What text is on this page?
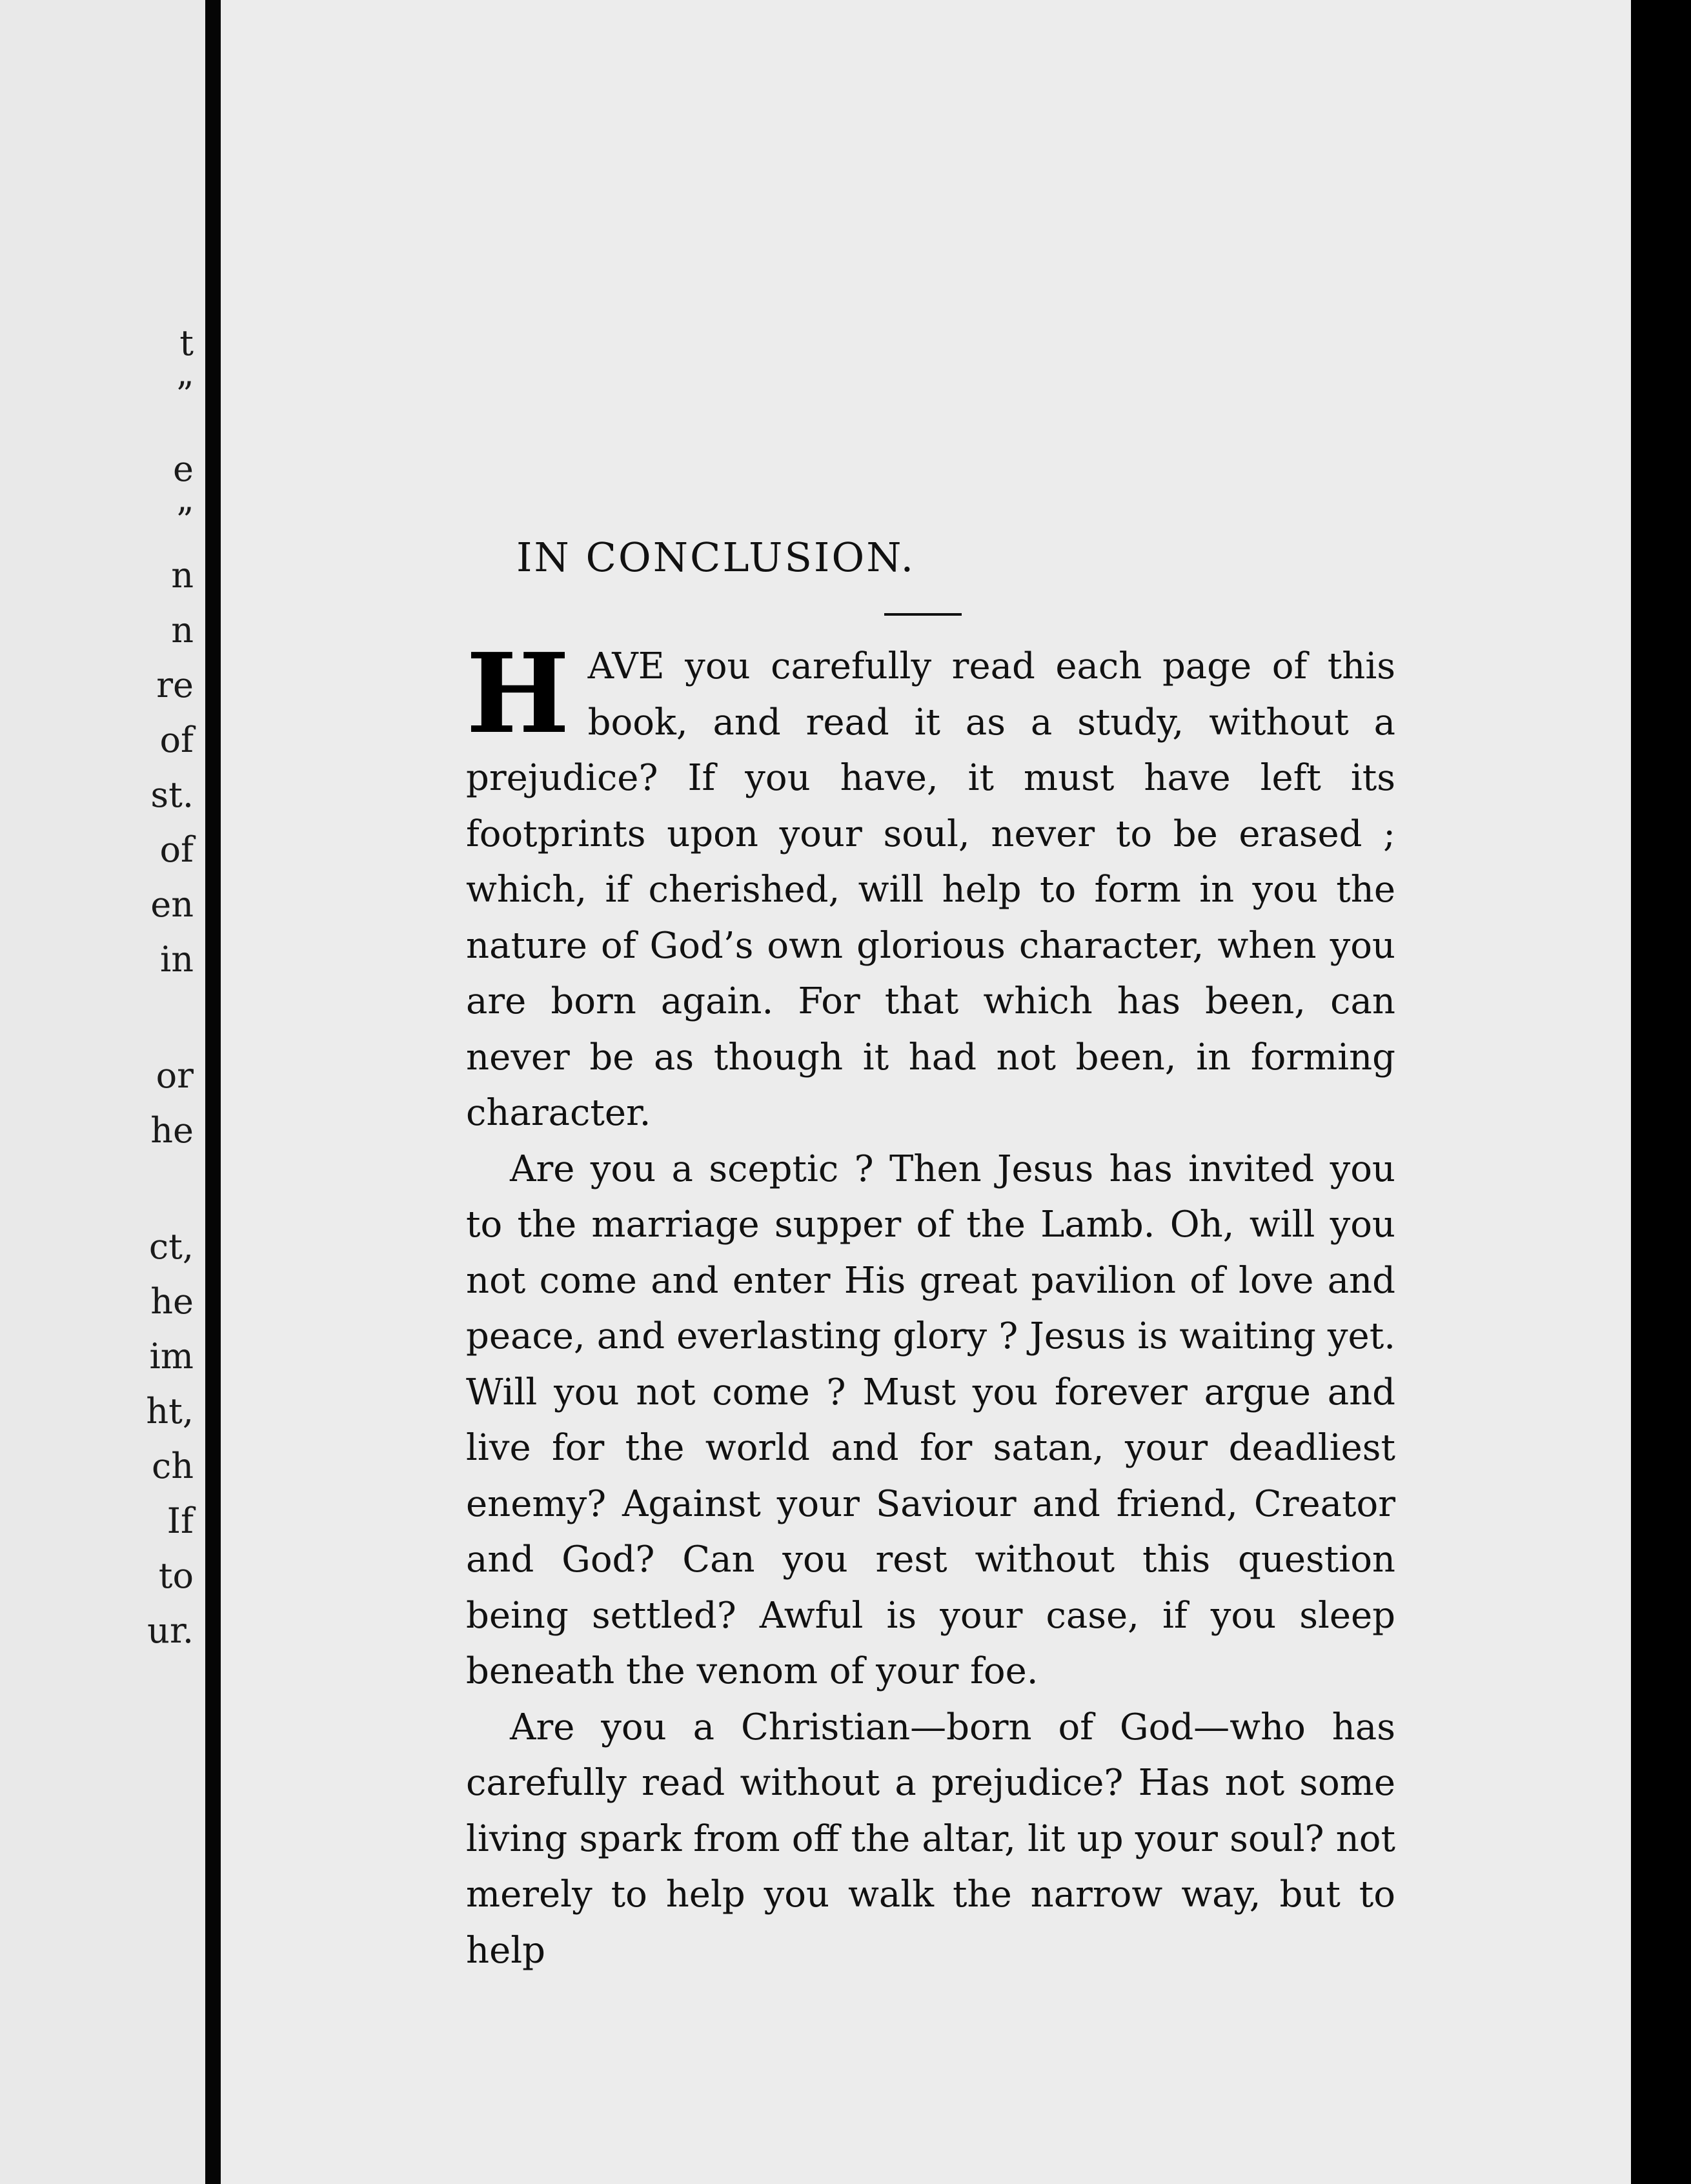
t
”
e
”
n
n
re
of
st.
of
en
in
or
he
ct,
he
im
ht,
ch
If
to
ur.
IN CONCLUSION.

HAVE you carefully read each page of this book, and read it as a study, without a prejudice? If you have, it must have left its footprints upon your soul, never to be erased ; which, if cherished, will help to form in you the nature of God’s own glorious character, when you are born again. For that which has been, can never be as though it had not been, in forming character.

Are you a sceptic ? Then Jesus has invited you to the marriage supper of the Lamb. Oh, will you not come and enter His great pavilion of love and peace, and everlasting glory ? Jesus is waiting yet. Will you not come ? Must you forever argue and live for the world and for satan, your deadliest enemy? Against your Saviour and friend, Creator and God? Can you rest without this question being settled? Awful is your case, if you sleep beneath the venom of your foe.

Are you a Christian—born of God—who has carefully read without a prejudice? Has not some living spark from off the altar, lit up your soul? not merely to help you walk the narrow way, but to help
